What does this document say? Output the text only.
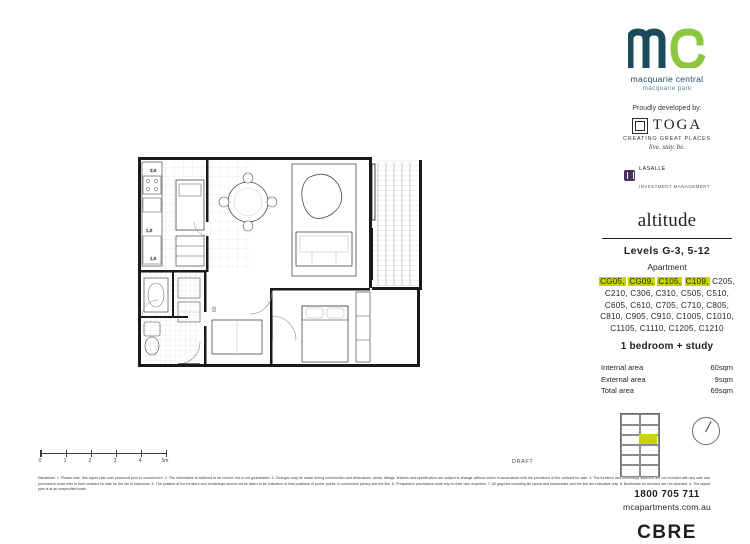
60
3.6
1.8
1.8
0	1	2	3	4	5m	DRAFT
macquarie central
macquarie park
Proudly developed by:
TOGA
CREATING GREAT PLACES
live. stay. be.
LASALLE
INVESTMENT MANAGEMENT
altitude
Levels G-3, 5-12
Apartment
CG05, CG09, C105, C109, C205, C210, C306, C310, C505, C510, C605, C610, C705, C710, C805, C810, C905, C910, C1005, C1010, C1105, C1110, C1205, C1210
1 bedroom + study
Internal area	60sqm
External area	9sqm
Total area	69sqm
1800 705 711
mcapartments.com.au
CBRE
Disclaimer: 1. Please note, this layout plan was produced prior to construction. 2. The information is believed to be correct, but is not guaranteed. 3. Changes may be made during construction and dimensions, areas, fittings, finishes and specification are subject to change without notice in accordance with the provisions of the contract for sale. 4. The furniture and furnishings depicted are not included with any sale and purchasers must refer to their contract for sale for the list of inclusions. 5. The position of the furniture and furnishings should not be taken to be indicative of final positions of power points. In connection joinery and the like. 6. Prospective purchasers must rely on their own enquiries. 7. All graphics including tile layout and balustrades and the like are indicative only. 8. Bulkheads for services are not depicted. 9. The layout plan is at an unspecified scale.
